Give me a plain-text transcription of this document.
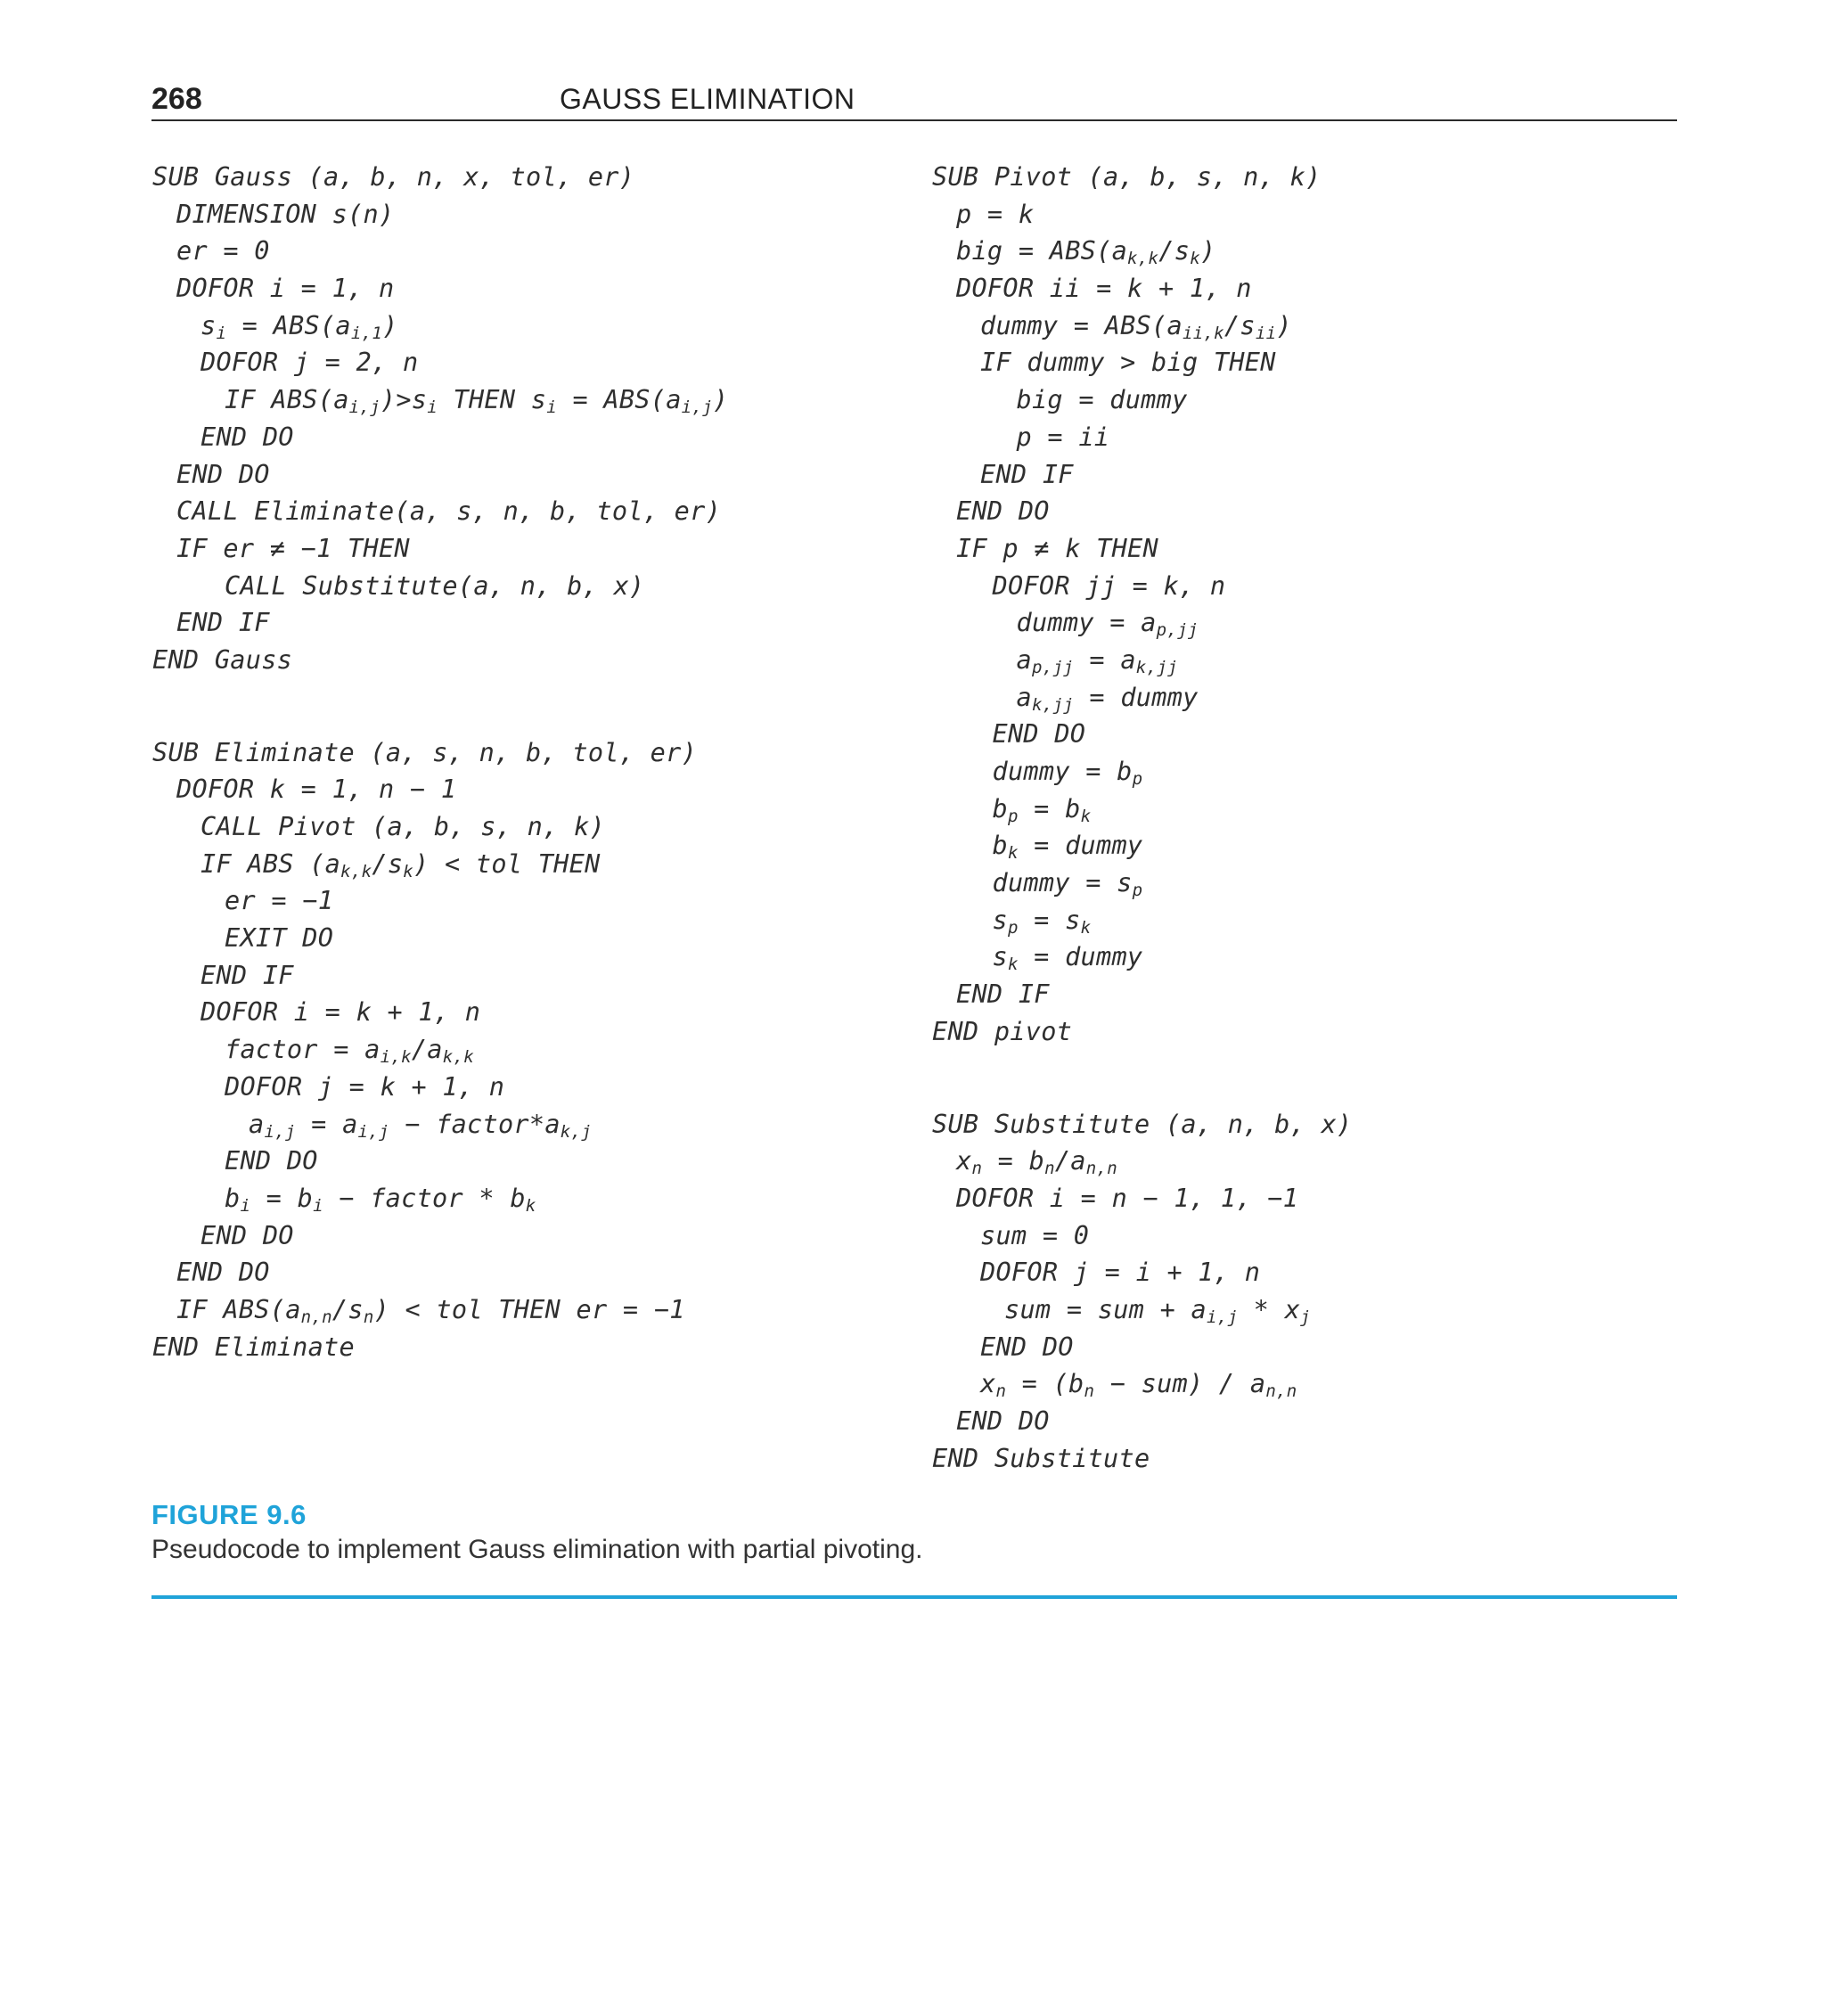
268	GAUSS ELIMINATION
SUB Gauss (a, b, n, x, tol, er)
DIMENSION s(n)
er = 0
DOFOR i = 1, n
$s_i = ABS(a_{i,1})$
DOFOR j = 2, n
IF $ABS(a_{i,j})>s_i$ THEN $s_i = ABS(a_{i,j})$
END DO
END DO
CALL Eliminate(a, s, n, b, tol, er)
IF er ≠ −1 THEN
CALL Substitute(a, n, b, x)
END IF
END Gauss
SUB Eliminate (a, s, n, b, tol, er)
DOFOR k = 1, n − 1
CALL Pivot (a, b, s, n, k)
IF ABS $(a_{k,k}/s_k)$ < tol THEN
er = −1
EXIT DO
END IF
DOFOR i = k + 1, n
factor = $a_{i,k}/a_{k,k}$
DOFOR j = k + 1, n
$a_{i,j} = a_{i,j}$ − $factor*a_{k,j}$
END DO
$b_i = b_i$ − factor * $b_k$
END DO
END DO
IF $ABS(a_{n,n}/s_n)$ < tol THEN er = −1
END Eliminate
SUB Pivot (a, b, s, n, k)
p = k
big = $ABS(a_{k,k}/s_k)$
DOFOR ii = k + 1, n
dummy = $ABS(a_{ii,k}/s_{ii})$
IF dummy > big THEN
big = dummy
p = ii
END IF
END DO
IF p ≠ k THEN
DOFOR jj = k, n
dummy = $a_{p,jj}$
$a_{p,jj} = a_{k,jj}$
$a_{k,jj}$ = dummy
END DO
dummy = $b_p$
$b_p = b_k$
$b_k$ = dummy
dummy = $s_p$
$s_p = s_k$
$s_k$ = dummy
END IF
END pivot
SUB Substitute (a, n, b, x)
$x_n = b_n/a_{n,n}$
DOFOR i = n − 1, 1, −1
sum = 0
DOFOR j = i + 1, n
sum = sum + $a_{i,j} * x_j$
END DO
$x_n = (b_n - sum) / a_{n,n}$
END DO
END Substitute
FIGURE 9.6
Pseudocode to implement Gauss elimination with partial pivoting.
